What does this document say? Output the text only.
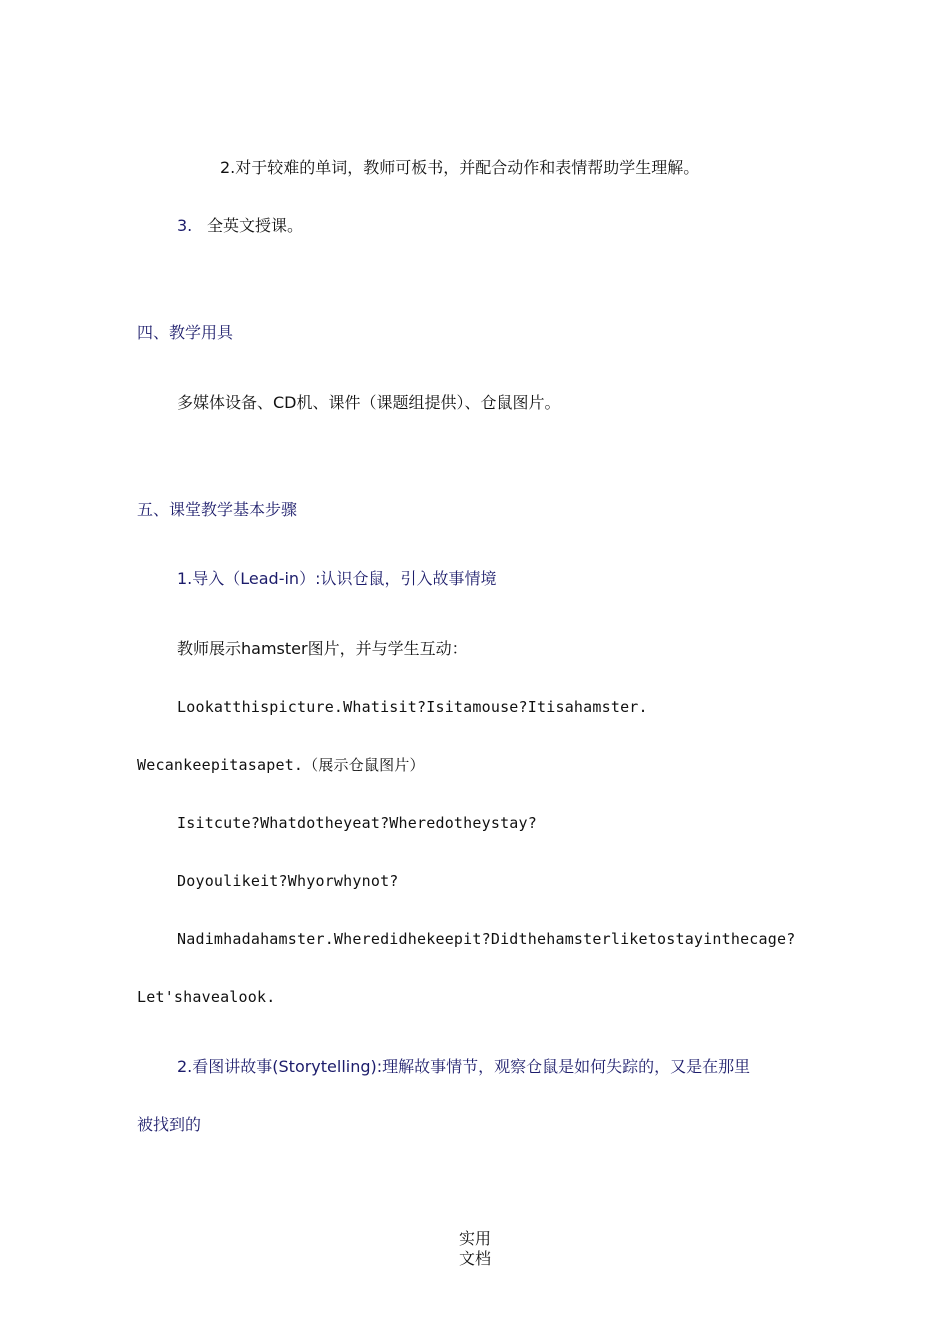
2.对于较难的单词，教师可板书，并配合动作和表情帮助学生理解。
3. 全英文授课。
四、教学用具
多媒体设备、CD机、课件（课题组提供）、仓鼠图片。
五、课堂教学基本步骤
1.导入（Lead-in）:认识仓鼠，引入故事情境
教师展示hamster图片，并与学生互动：
Lookatthispicture.Whatisit?Isitamouse?Itisahamster.
Wecankeepitasapet.（展示仓鼠图片）
Isitcute?Whatdotheyeat?Wheredotheystay?
Doyoulikeit?Whyorwhynot?
Nadimhadahamster.Wheredidhekeepit?Didthehamsterliketostayinthecage?
Let'shavealook.
2.看图讲故事(Storytelling):理解故事情节，观察仓鼠是如何失踪的，又是在那里
被找到的
实用
文档
